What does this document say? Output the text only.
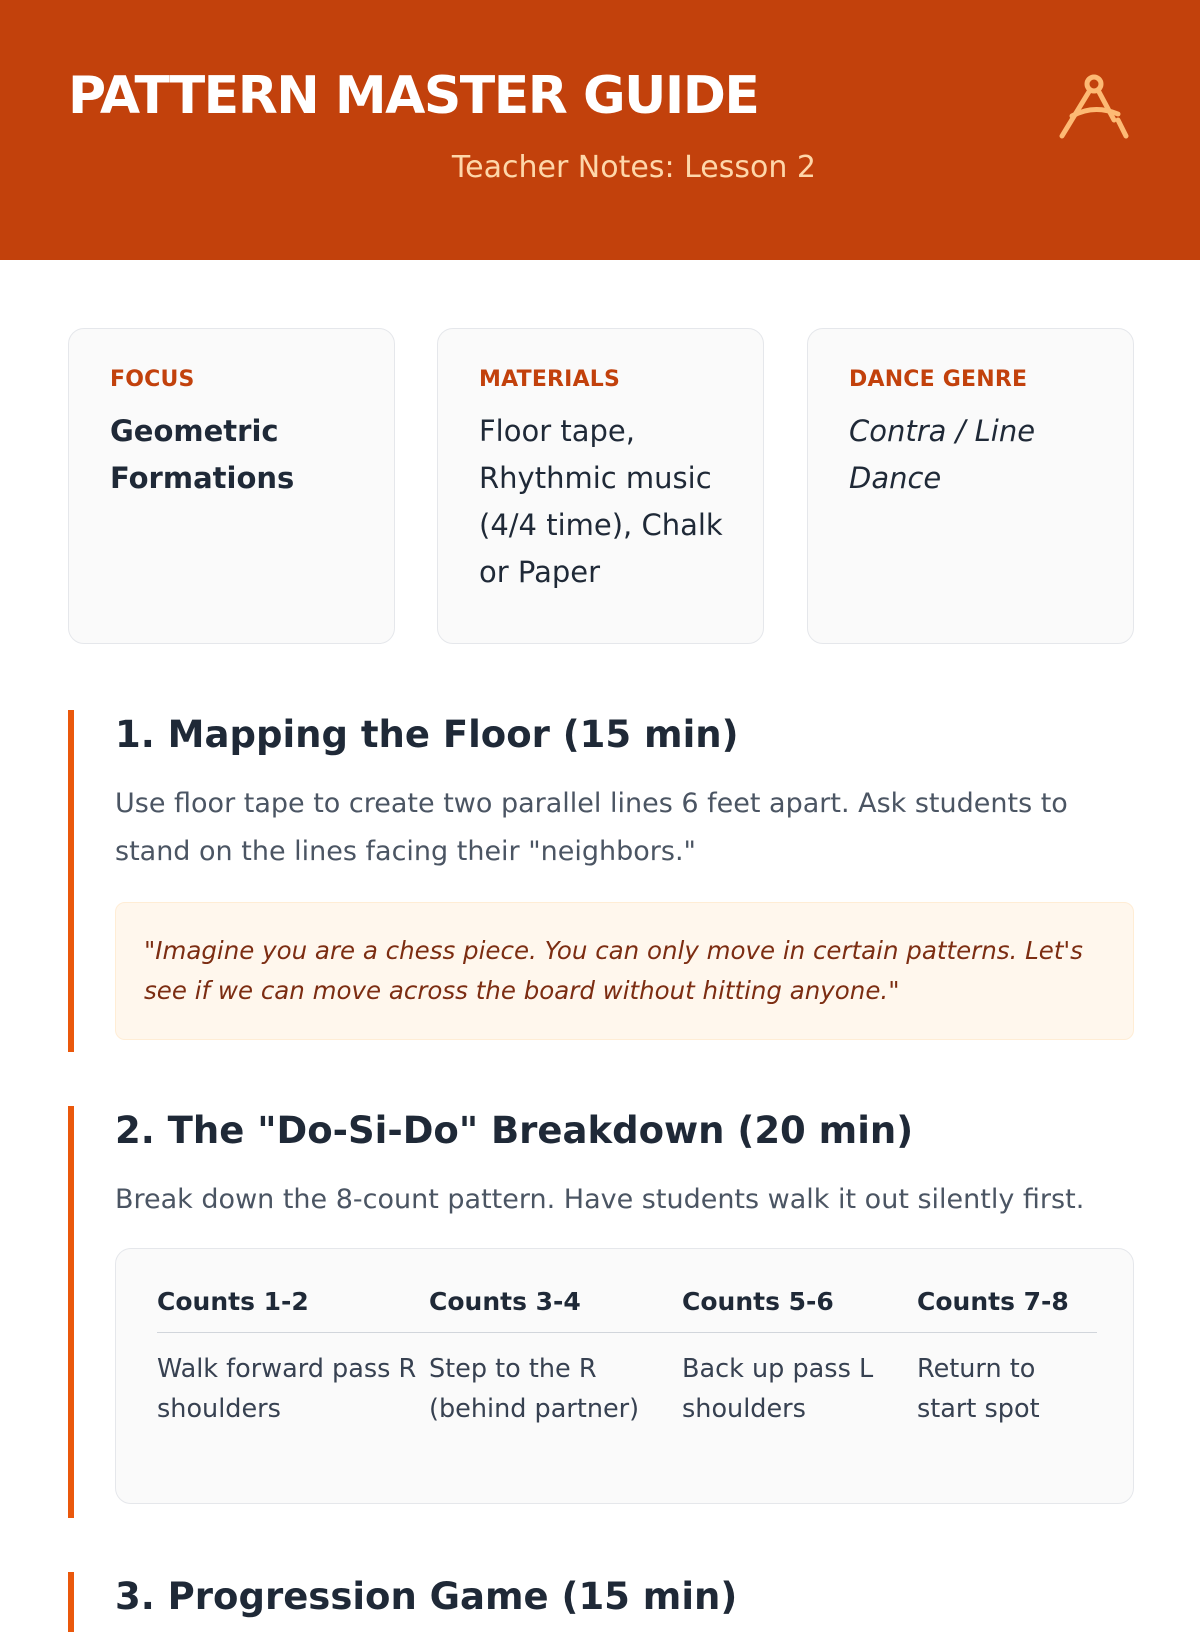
PATTERN MASTER GUIDE
Teacher Notes: Lesson 2
FOCUS
Geometric Formations
MATERIALS
Floor tape, Rhythmic music (4/4 time), Chalk or Paper
DANCE GENRE
Contra / Line Dance
1. Mapping the Floor (15 min)

Use floor tape to create two parallel lines 6 feet apart. Ask students to stand on the lines facing their "neighbors."

"Imagine you are a chess piece. You can only move in certain patterns. Let's see if we can move across the board without hitting anyone."
2. The "Do-Si-Do" Breakdown (20 min)

Break down the 8-count pattern. Have students walk it out silently first.

Counts 1-2	Counts 3-4	Counts 5-6	Counts 7-8
Walk forward pass R shoulders	Step to the R (behind partner)	Back up pass L shoulders	Return to start spot
3. Progression Game (15 min)
